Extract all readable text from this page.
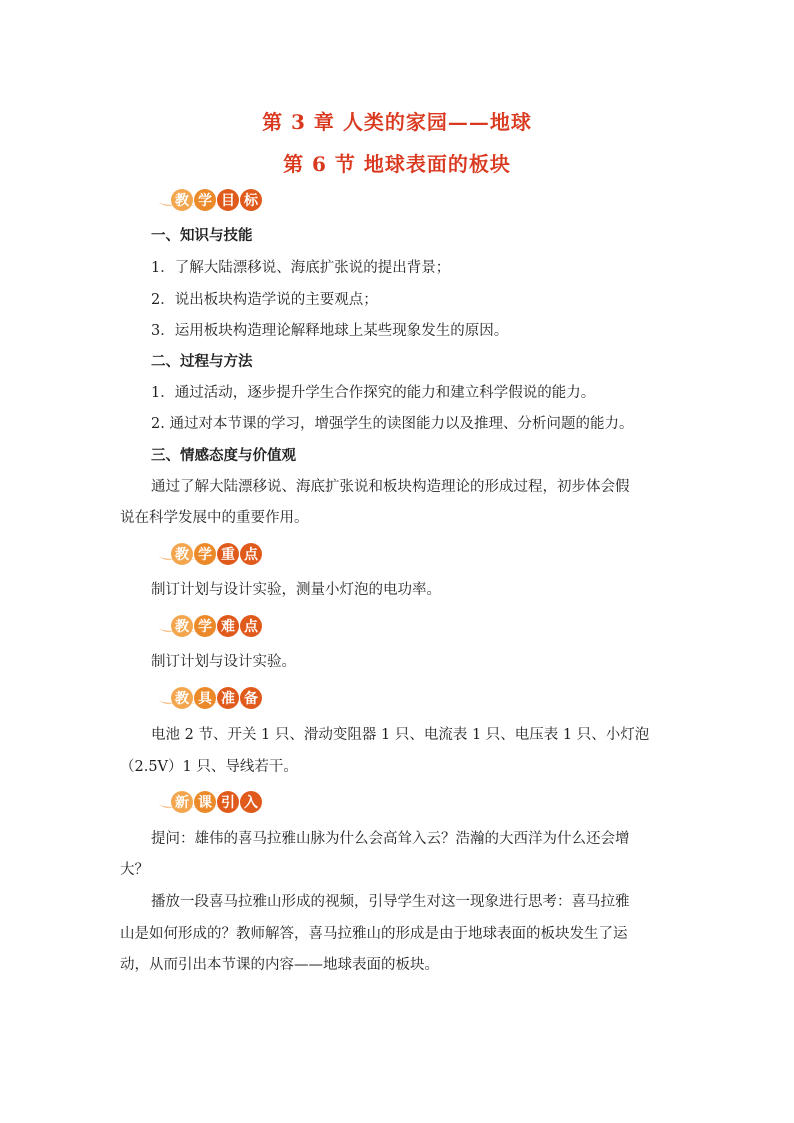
第 3 章 人类的家园——地球
第 6 节 地球表面的板块
教 学 目 标
一、知识与技能
1．了解大陆漂移说、海底扩张说的提出背景；
2．说出板块构造学说的主要观点；
3．运用板块构造理论解释地球上某些现象发生的原因。
二、过程与方法
1．通过活动，逐步提升学生合作探究的能力和建立科学假说的能力。
2. 通过对本节课的学习，增强学生的读图能力以及推理、分析问题的能力。
三、情感态度与价值观
通过了解大陆漂移说、海底扩张说和板块构造理论的形成过程，初步体会假
说在科学发展中的重要作用。
教 学 重 点
制订计划与设计实验，测量小灯泡的电功率。
教 学 难 点
制订计划与设计实验。
教 具 准 备
电池 2 节、开关 1 只、滑动变阻器 1 只、电流表 1 只、电压表 1 只、小灯泡
（2.5V）1 只、导线若干。
新 课 引 入
提问：雄伟的喜马拉雅山脉为什么会高耸入云？浩瀚的大西洋为什么还会增
大？
播放一段喜马拉雅山形成的视频，引导学生对这一现象进行思考：喜马拉雅
山是如何形成的？教师解答，喜马拉雅山的形成是由于地球表面的板块发生了运
动，从而引出本节课的内容——地球表面的板块。
